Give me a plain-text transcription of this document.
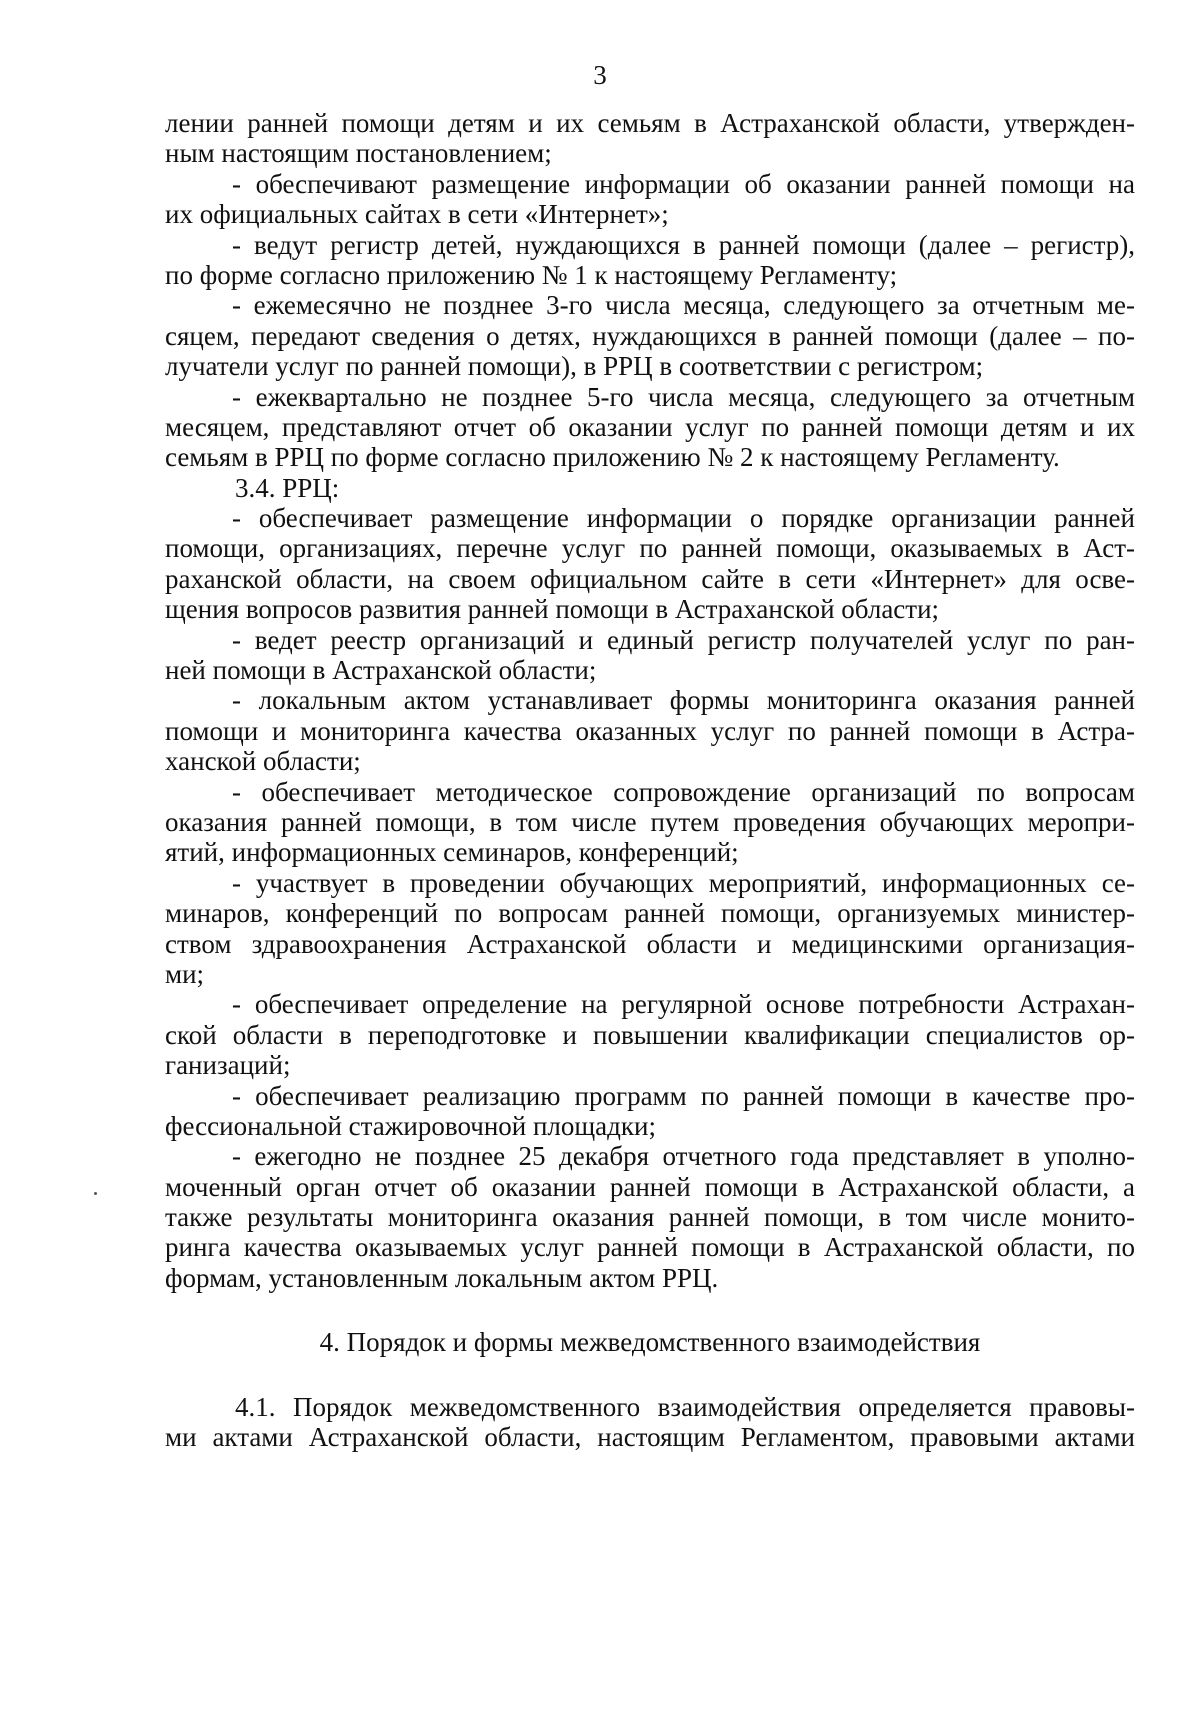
3
лении ранней помощи детям и их семьям в Астраханской области, утвержден-
ным настоящим постановлением;
- обеспечивают размещение информации об оказании ранней помощи на
их официальных сайтах в сети «Интернет»;
- ведут регистр детей, нуждающихся в ранней помощи (далее – регистр),
по форме согласно приложению № 1 к настоящему Регламенту;
- ежемесячно не позднее 3-го числа месяца, следующего за отчетным ме-
сяцем, передают сведения о детях, нуждающихся в ранней помощи (далее – по-
лучатели услуг по ранней помощи), в РРЦ в соответствии с регистром;
- ежеквартально не позднее 5-го числа месяца, следующего за отчетным
месяцем, представляют отчет об оказании услуг по ранней помощи детям и их
семьям в РРЦ по форме согласно приложению № 2 к настоящему Регламенту.
3.4. РРЦ:
- обеспечивает размещение информации о порядке организации ранней
помощи, организациях, перечне услуг по ранней помощи, оказываемых в Аст-
раханской области, на своем официальном сайте в сети «Интернет» для осве-
щения вопросов развития ранней помощи в Астраханской области;
- ведет реестр организаций и единый регистр получателей услуг по ран-
ней помощи в Астраханской области;
- локальным актом устанавливает формы мониторинга оказания ранней
помощи и мониторинга качества оказанных услуг по ранней помощи в Астра-
ханской области;
- обеспечивает методическое сопровождение организаций по вопросам
оказания ранней помощи, в том числе путем проведения обучающих меропри-
ятий, информационных семинаров, конференций;
- участвует в проведении обучающих мероприятий, информационных се-
минаров, конференций по вопросам ранней помощи, организуемых министер-
ством здравоохранения Астраханской области и медицинскими организация-
ми;
- обеспечивает определение на регулярной основе потребности Астрахан-
ской области в переподготовке и повышении квалификации специалистов ор-
ганизаций;
- обеспечивает реализацию программ по ранней помощи в качестве про-
фессиональной стажировочной площадки;
- ежегодно не позднее 25 декабря отчетного года представляет в уполно-
моченный орган отчет об оказании ранней помощи в Астраханской области, а
также результаты мониторинга оказания ранней помощи, в том числе монито-
ринга качества оказываемых услуг ранней помощи в Астраханской области, по
формам, установленным локальным актом РРЦ.
4. Порядок и формы межведомственного взаимодействия
4.1. Порядок межведомственного взаимодействия определяется правовы-
ми актами Астраханской области, настоящим Регламентом, правовыми актами
